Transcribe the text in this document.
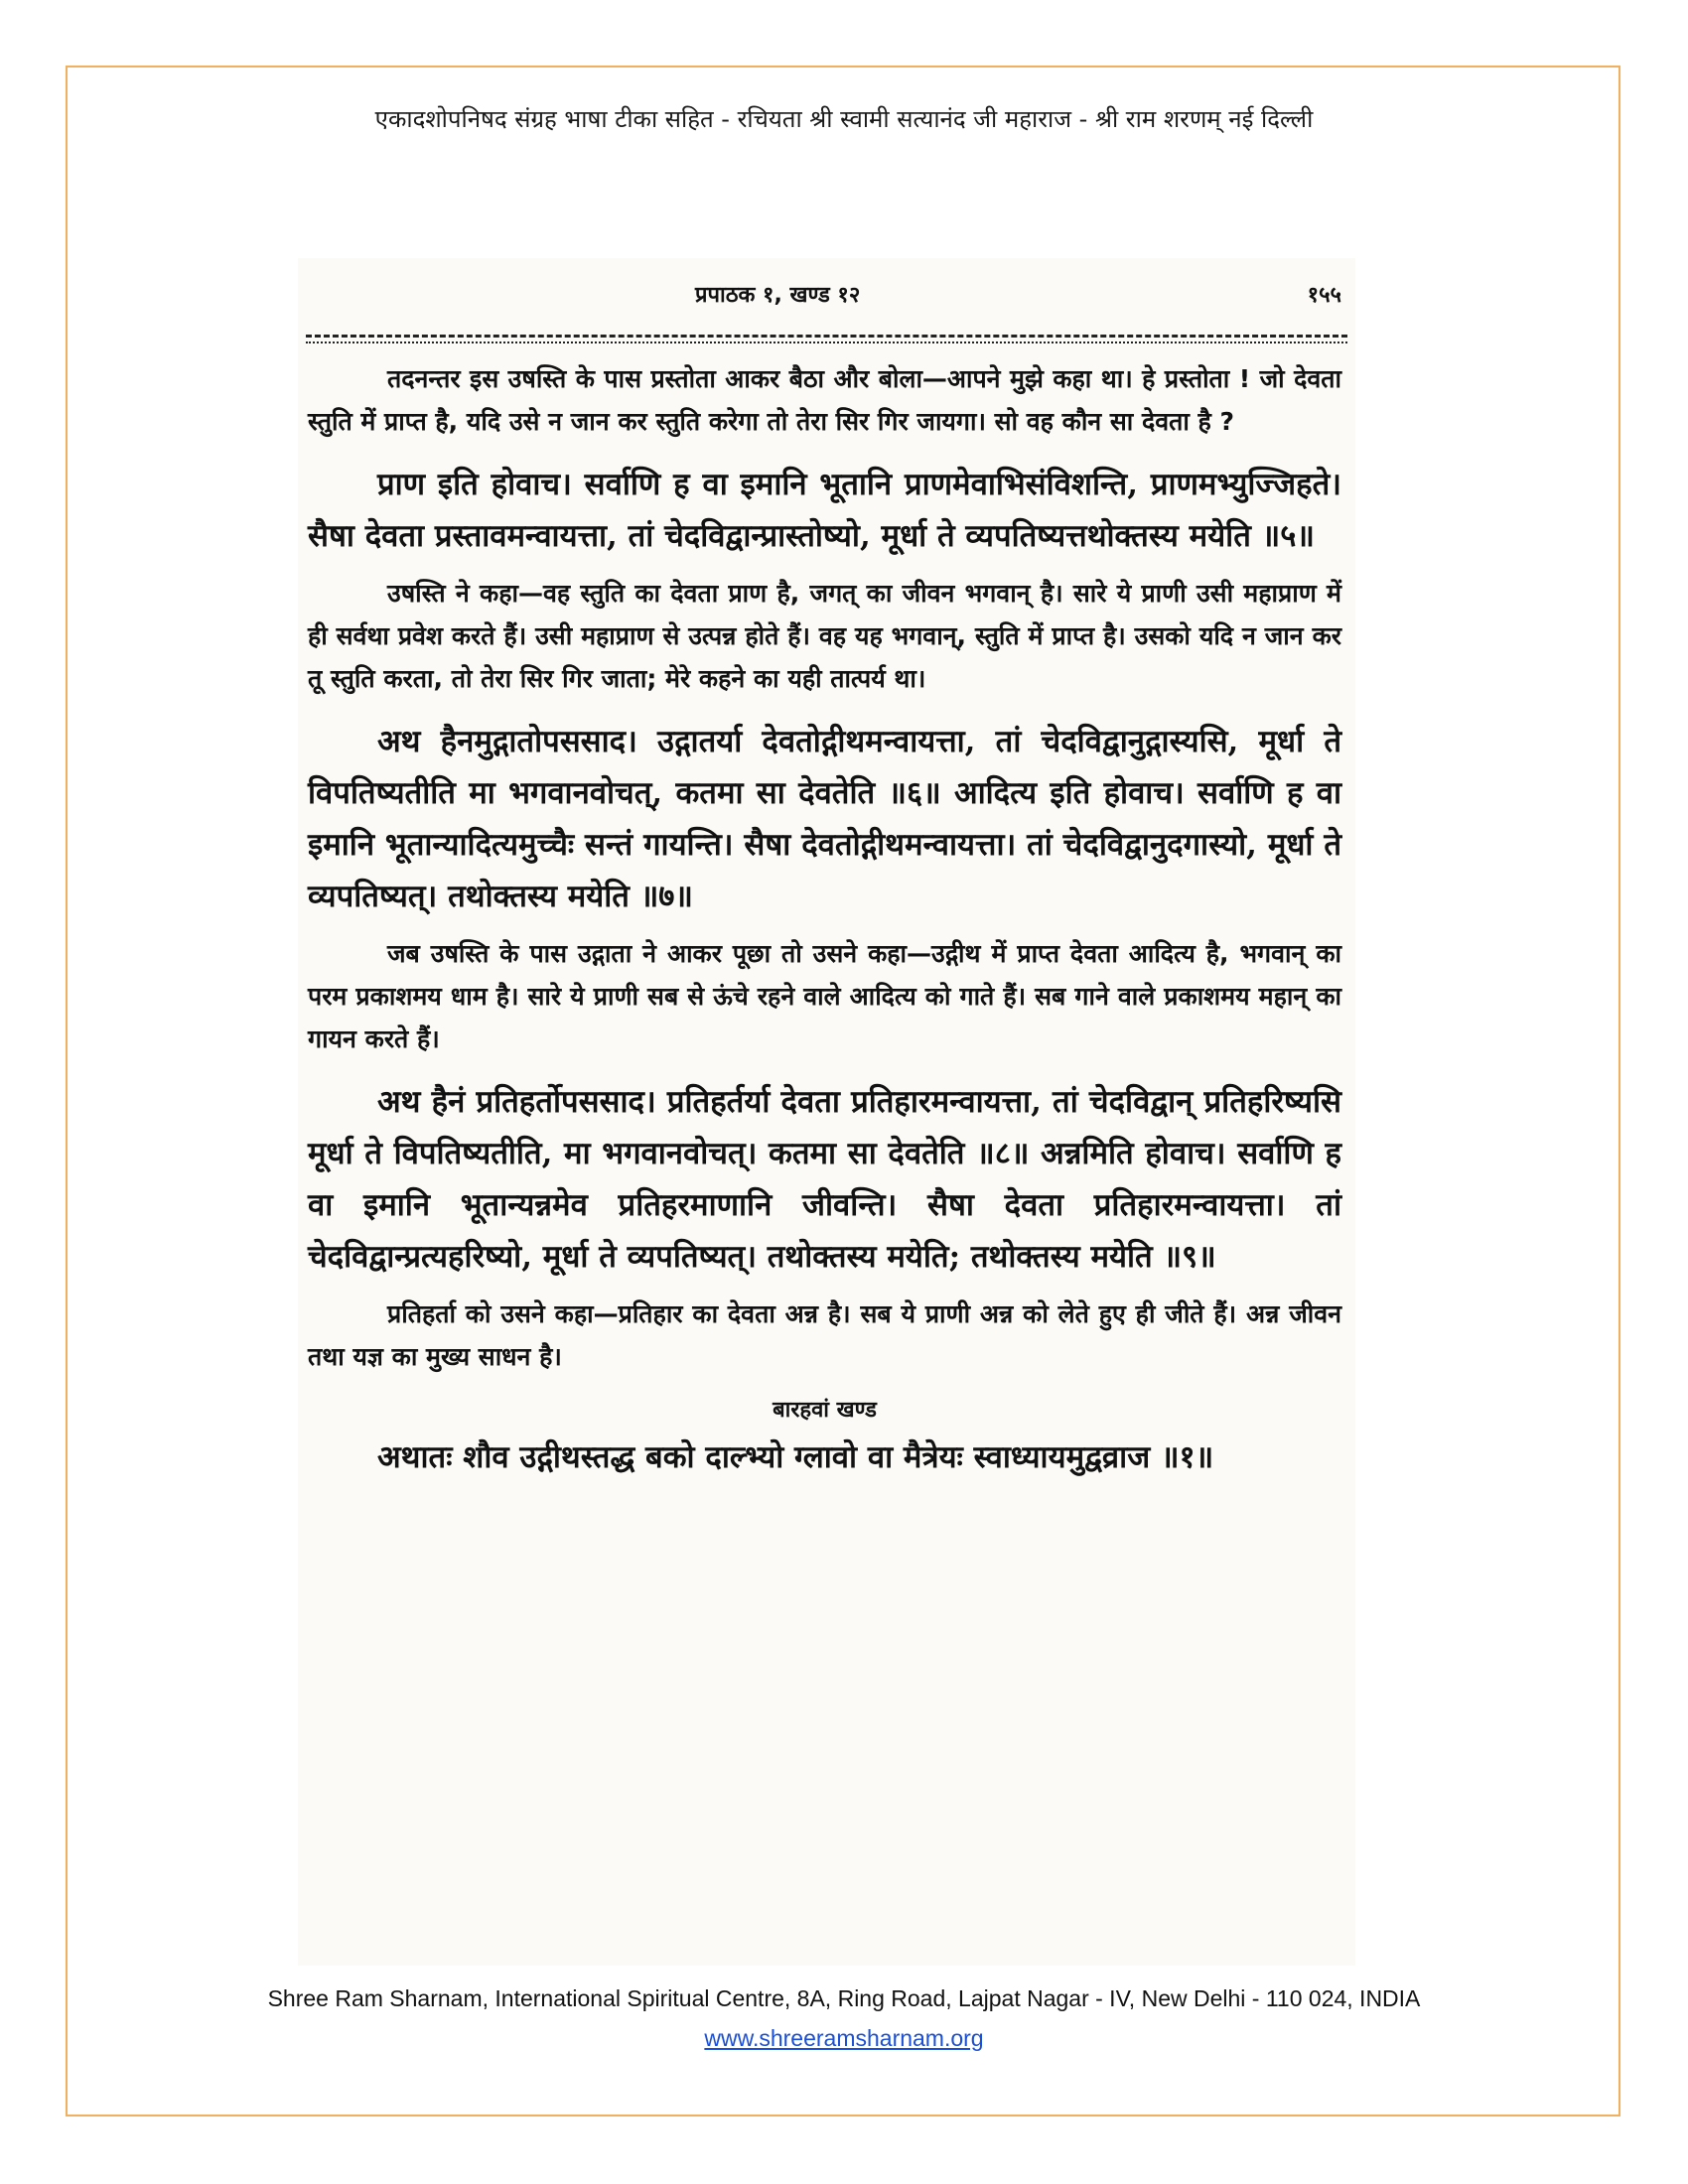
एकादशोपनिषद संग्रह भाषा टीका सहित - रचियता श्री स्वामी सत्यानंद जी महाराज - श्री राम शरणम् नई दिल्ली
प्रपाठक १, खण्ड १२	१५५

तदनन्तर इस उषस्ति के पास प्रस्तोता आकर बैठा और बोला—आपने मुझे कहा था। हे प्रस्तोता ! जो देवता स्तुति में प्राप्त है, यदि उसे न जान कर स्तुति करेगा तो तेरा सिर गिर जायगा। सो वह कौन सा देवता है ?

प्राण इति होवाच। सर्वाणि ह वा इमानि भूतानि प्राणमेवाभिसंविशन्ति, प्राणमभ्युज्जिहते। सैषा देवता प्रस्तावमन्वायत्ता, तां चेदविद्वान्प्रास्तोष्यो, मूर्धा ते व्यपतिष्यत्तथोक्तस्य मयेति ॥५॥

उषस्ति ने कहा—वह स्तुति का देवता प्राण है, जगत् का जीवन भगवान् है। सारे ये प्राणी उसी महाप्राण में ही सर्वथा प्रवेश करते हैं। उसी महाप्राण से उत्पन्न होते हैं। वह यह भगवान्, स्तुति में प्राप्त है। उसको यदि न जान कर तू स्तुति करता, तो तेरा सिर गिर जाता; मेरे कहने का यही तात्पर्य था।

अथ हैनमुद्गातोपससाद। उद्गातर्या देवतोद्गीथमन्वायत्ता, तां चेदविद्वानुद्गास्यसि, मूर्धा ते विपतिष्यतीति मा भगवानवोचत्, कतमा सा देवतेति ॥६॥ आदित्य इति होवाच। सर्वाणि ह वा इमानि भूतान्यादित्यमुच्चैः सन्तं गायन्ति। सैषा देवतोद्गीथमन्वायत्ता। तां चेदविद्वानुदगास्यो, मूर्धा ते व्यपतिष्यत्। तथोक्तस्य मयेति ॥७॥

जब उषस्ति के पास उद्गाता ने आकर पूछा तो उसने कहा—उद्गीथ में प्राप्त देवता आदित्य है, भगवान् का परम प्रकाशमय धाम है। सारे ये प्राणी सब से ऊंचे रहने वाले आदित्य को गाते हैं। सब गाने वाले प्रकाशमय महान् का गायन करते हैं।

अथ हैनं प्रतिहर्तोपससाद। प्रतिहर्तर्या देवता प्रतिहारमन्वायत्ता, तां चेदविद्वान् प्रतिहरिष्यसि मूर्धा ते विपतिष्यतीति, मा भगवानवोचत्। कतमा सा देवतेति ॥८॥ अन्नमिति होवाच। सर्वाणि ह वा इमानि भूतान्यन्नमेव प्रतिहरमाणानि जीवन्ति। सैषा देवता प्रतिहारमन्वायत्ता। तां चेदविद्वान्प्रत्यहरिष्यो, मूर्धा ते व्यपतिष्यत्। तथोक्तस्य मयेति; तथोक्तस्य मयेति ॥९॥

प्रतिहर्ता को उसने कहा—प्रतिहार का देवता अन्न है। सब ये प्राणी अन्न को लेते हुए ही जीते हैं। अन्न जीवन तथा यज्ञ का मुख्य साधन है।

बारहवां खण्ड

अथातः शौव उद्गीथस्तद्ध बको दाल्भ्यो ग्लावो वा मैत्रेयः स्वाध्यायमुद्वव्राज ॥१॥

Shree Ram Sharnam, International Spiritual Centre, 8A, Ring Road, Lajpat Nagar - IV, New Delhi - 110 024, INDIA
www.shreeramsharnam.org
